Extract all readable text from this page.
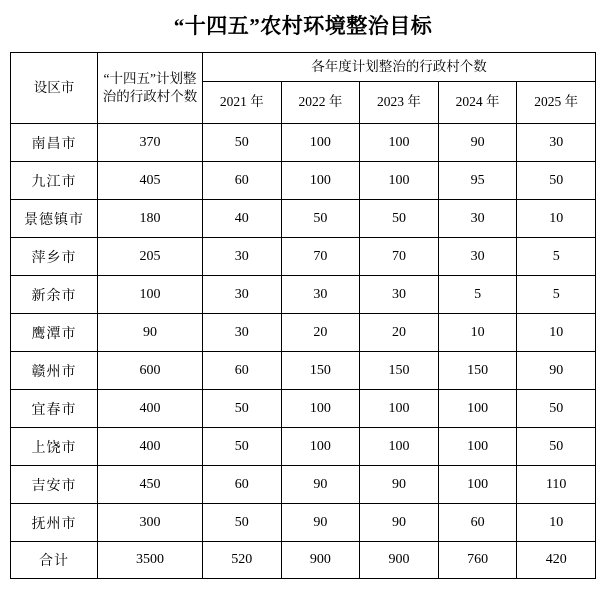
“十四五”农村环境整治目标
设区市	“十四五”计划整治的行政村个数	各年度计划整治的行政村个数				
		2021 年	2022 年	2023 年	2024 年	2025 年
南昌市	370	50	100	100	90	30
九江市	405	60	100	100	95	50
景德镇市	180	40	50	50	30	10
萍乡市	205	30	70	70	30	5
新余市	100	30	30	30	5	5
鹰潭市	90	30	20	20	10	10
赣州市	600	60	150	150	150	90
宜春市	400	50	100	100	100	50
上饶市	400	50	100	100	100	50
吉安市	450	60	90	90	100	110
抚州市	300	50	90	90	60	10
合计	3500	520	900	900	760	420
